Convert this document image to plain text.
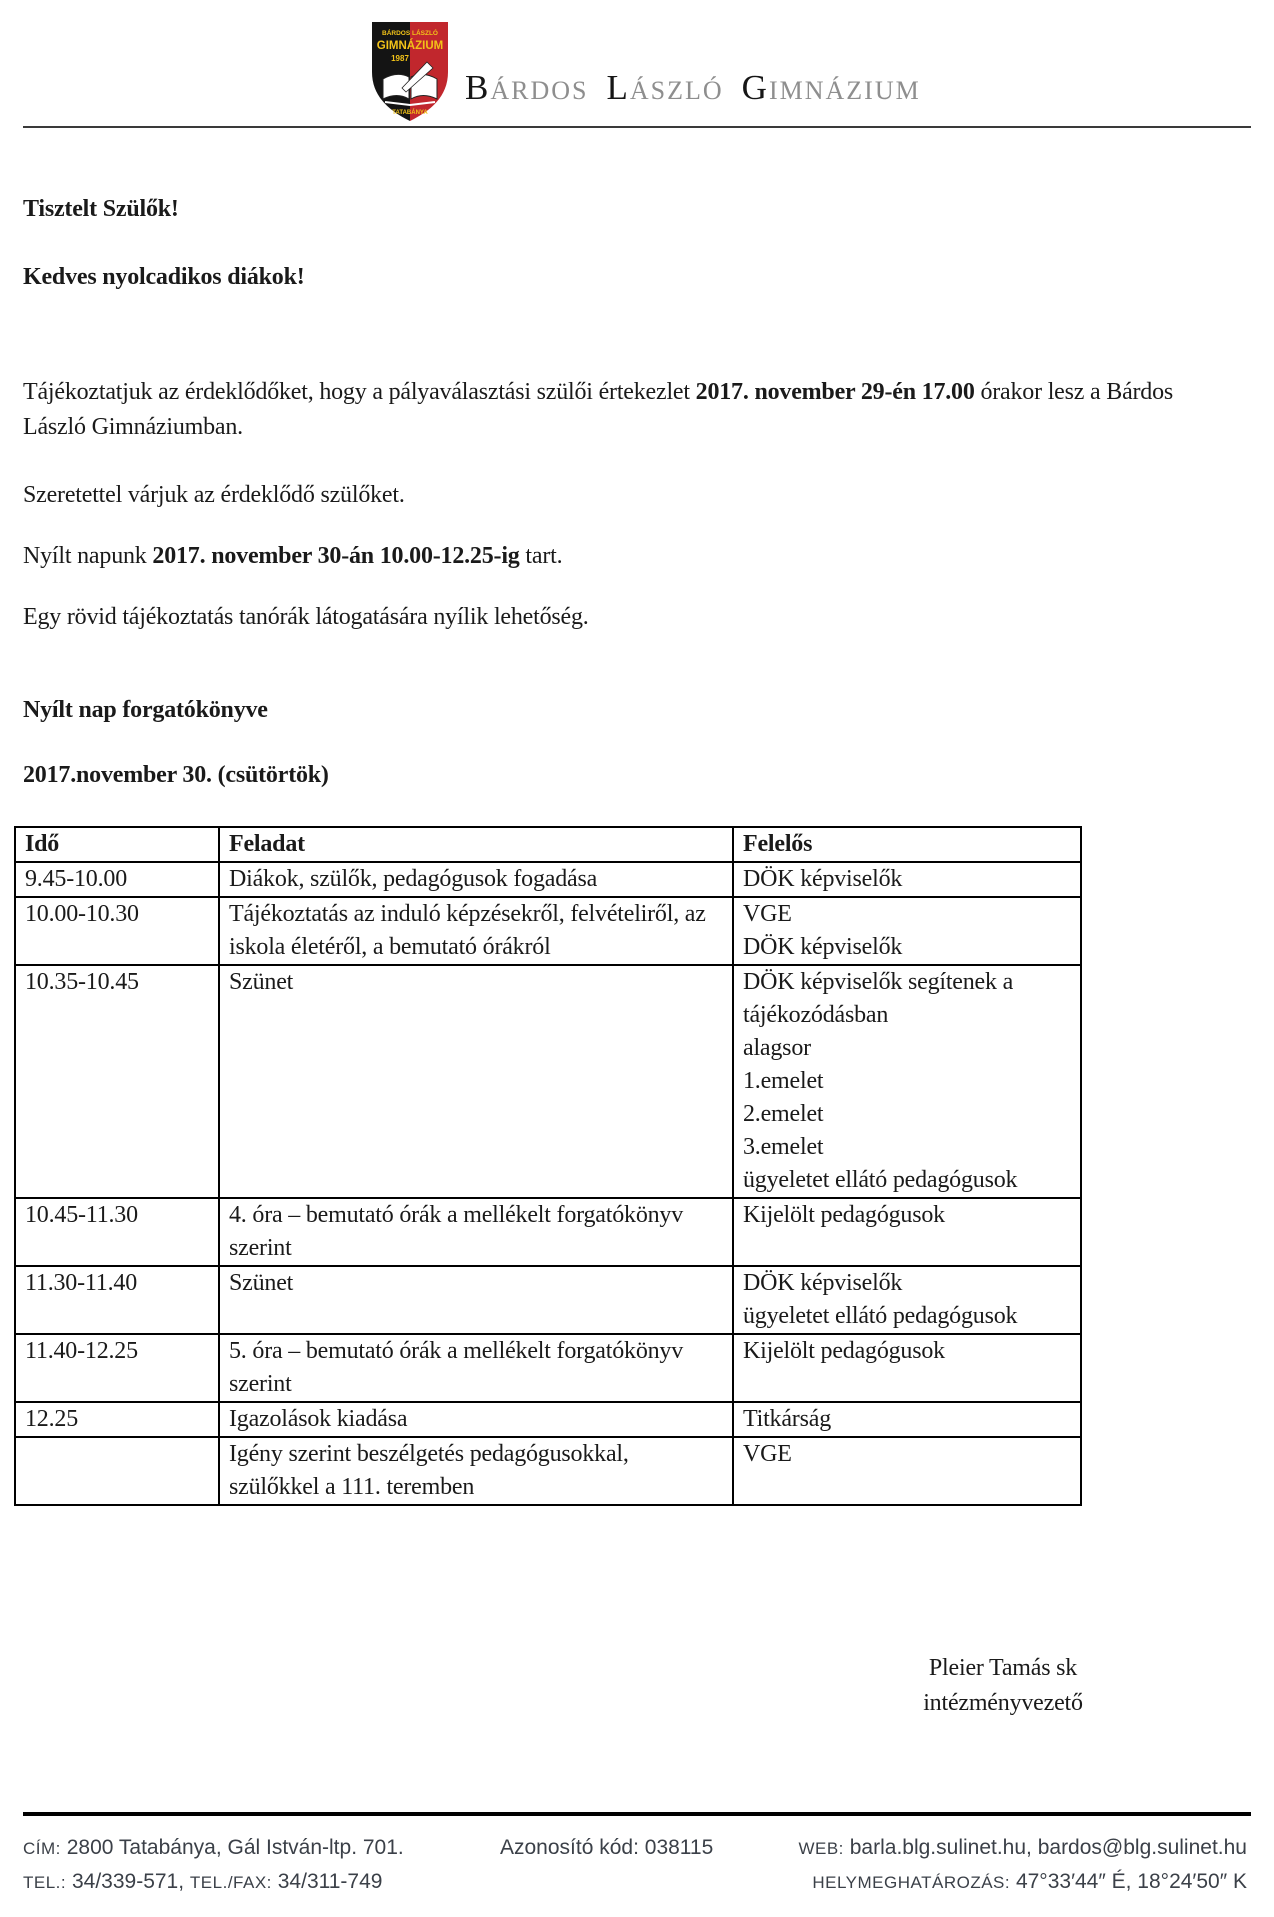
BÁRDOS LÁSZLÓ
GIMNÁZIUM
1987
TATABÁNYA
BÁRDOS LÁSZLÓ GIMNÁZIUM

Tisztelt Szülők!

Kedves nyolcadikos diákok!

Tájékoztatjuk az érdeklődőket, hogy a pályaválasztási szülői értekezlet 2017. november 29-én 17.00 órakor lesz a Bárdos László Gimnáziumban.

Szeretettel várjuk az érdeklődő szülőket.

Nyílt napunk 2017. november 30-án 10.00-12.25-ig tart.

Egy rövid tájékoztatás tanórák látogatására nyílik lehetőség.

Nyílt nap forgatókönyve

2017.november 30. (csütörtök)

Idő	Feladat	Felelős
9.45-10.00	Diákok, szülők, pedagógusok fogadása	DÖK képviselők

10.00-10.30	Tájékoztatás az induló képzésekről, felvételiről, az iskola életéről, a bemutató órákról	VGE
DÖK képviselők

10.35-10.45	Szünet	DÖK képviselők segítenek a tájékozódásban
alagsor
1.emelet
2.emelet
3.emelet
ügyeletet ellátó pedagógusok

10.45-11.30	4. óra – bemutató órák a mellékelt forgatókönyv szerint	Kijelölt pedagógusok

11.30-11.40	Szünet	DÖK képviselők
ügyeletet ellátó pedagógusok

11.40-12.25	5. óra – bemutató órák a mellékelt forgatókönyv szerint	Kijelölt pedagógusok

12.25	Igazolások kiadása	Titkárság

	Igény szerint beszélgetés pedagógusokkal, szülőkkel a 111. teremben	VGE
Pleier Tamás sk
intézményvezető
CÍM: 2800 Tatabánya, Gál István-ltp. 701.
TEL.: 34/339-571, TEL./FAX: 34/311-749
Azonosító kód: 038115	WEB: barla.blg.sulinet.hu, bardos@blg.sulinet.hu
HELYMEGHATÁROZÁS: 47°33′44″ É, 18°24′50″ K
